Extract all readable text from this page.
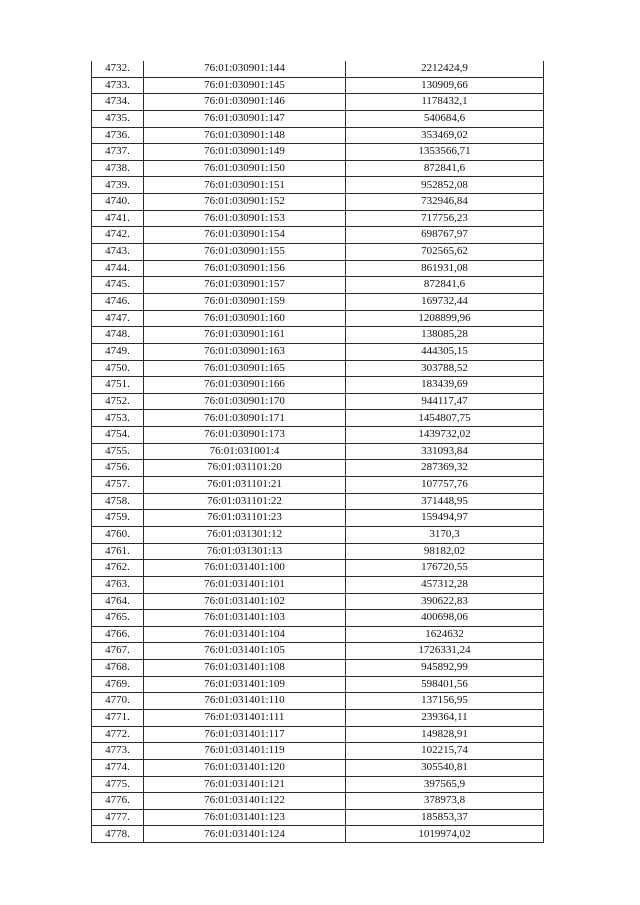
4732.	76:01:030901:144	2212424,9
4733.	76:01:030901:145	130909,66
4734.	76:01:030901:146	1178432,1
4735.	76:01:030901:147	540684,6
4736.	76:01:030901:148	353469,02
4737.	76:01:030901:149	1353566,71
4738.	76:01:030901:150	872841,6
4739.	76:01:030901:151	952852,08
4740.	76:01:030901:152	732946,84
4741.	76:01:030901:153	717756,23
4742.	76:01:030901:154	698767,97
4743.	76:01:030901:155	702565,62
4744.	76:01:030901:156	861931,08
4745.	76:01:030901:157	872841,6
4746.	76:01:030901:159	169732,44
4747.	76:01:030901:160	1208899,96
4748.	76:01:030901:161	138085,28
4749.	76:01:030901:163	444305,15
4750.	76:01:030901:165	303788,52
4751.	76:01:030901:166	183439,69
4752.	76:01:030901:170	944117,47
4753.	76:01:030901:171	1454807,75
4754.	76:01:030901:173	1439732,02
4755.	76:01:031001:4	331093,84
4756.	76:01:031101:20	287369,32
4757.	76:01:031101:21	107757,76
4758.	76:01:031101:22	371448,95
4759.	76:01:031101:23	159494,97
4760.	76:01:031301:12	3170,3
4761.	76:01:031301:13	98182,02
4762.	76:01:031401:100	176720,55
4763.	76:01:031401:101	457312,28
4764.	76:01:031401:102	390622,83
4765.	76:01:031401:103	400698,06
4766.	76:01:031401:104	1624632
4767.	76:01:031401:105	1726331,24
4768.	76:01:031401:108	945892,99
4769.	76:01:031401:109	598401,56
4770.	76:01:031401:110	137156,95
4771.	76:01:031401:111	239364,11
4772.	76:01:031401:117	149828,91
4773.	76:01:031401:119	102215,74
4774.	76:01:031401:120	305540,81
4775.	76:01:031401:121	397565,9
4776.	76:01:031401:122	378973,8
4777.	76:01:031401:123	185853,37
4778.	76:01:031401:124	1019974,02
